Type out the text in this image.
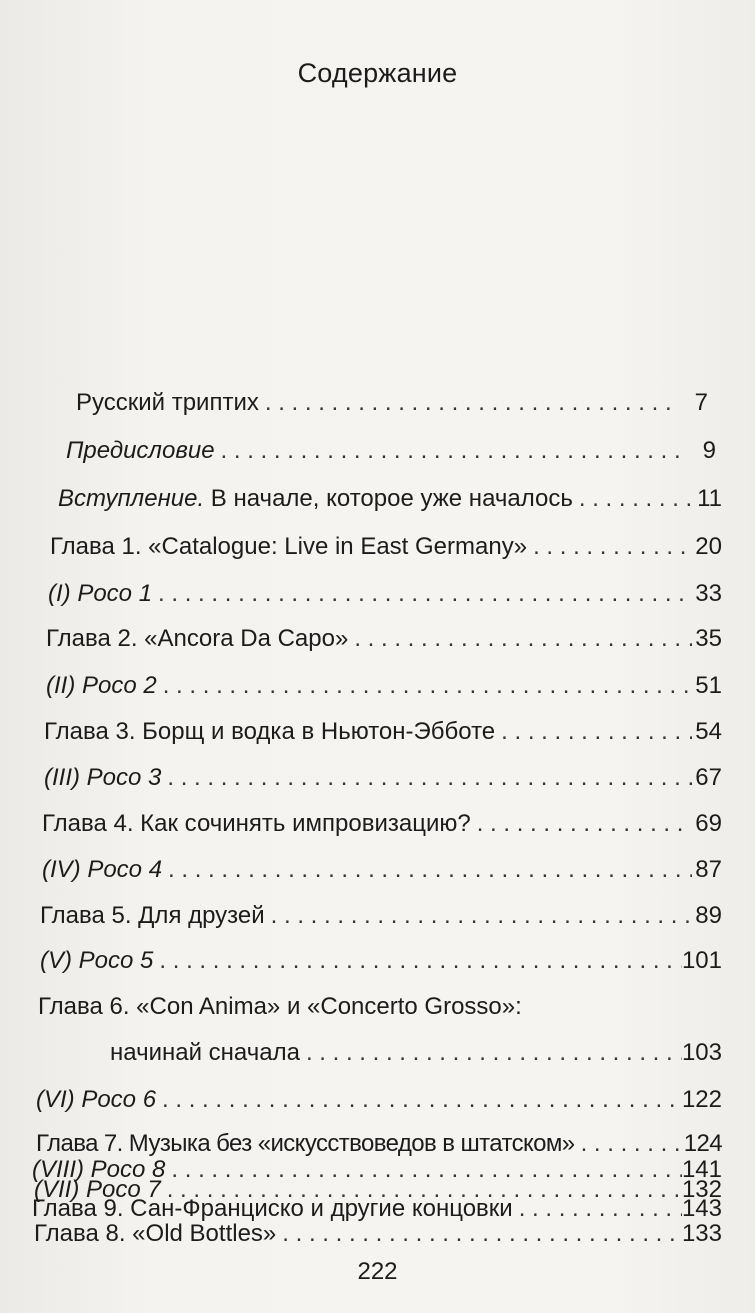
Содержание
Русский триптих . . .	7
Предисловие . . .	9
Вступление. В начале, которое уже началось . . .	11
Глава 1. «Catalogue: Live in East Germany» . . .	20
(I) Poco 1 . . .	33
Глава 2. «Ancora Da Capo» . . .	35
(II) Poco 2 . . .	51
Глава 3. Борщ и водка в Ньютон-Эбботе . . .	54
(III) Poco 3 . . .	67
Глава 4. Как сочинять импровизацию? . . .	69
(IV) Poco 4 . . .	87
Глава 5. Для друзей . . .	89
(V) Poco 5 . . .	101
Глава 6. «Con Anima» и «Concerto Grosso»:
начинай сначала . . .	103
(VI) Poco 6 . . .	122
Глава 7. Музыка без «искусствоведов в штатском» . . .	124
(VII) Poco 7 . . .	132
Глава 8. «Old Bottles» . . .	133
(VIII) Poco 8 . . .	141
Глава 9. Сан-Франциско и другие концовки . . .	143
222
